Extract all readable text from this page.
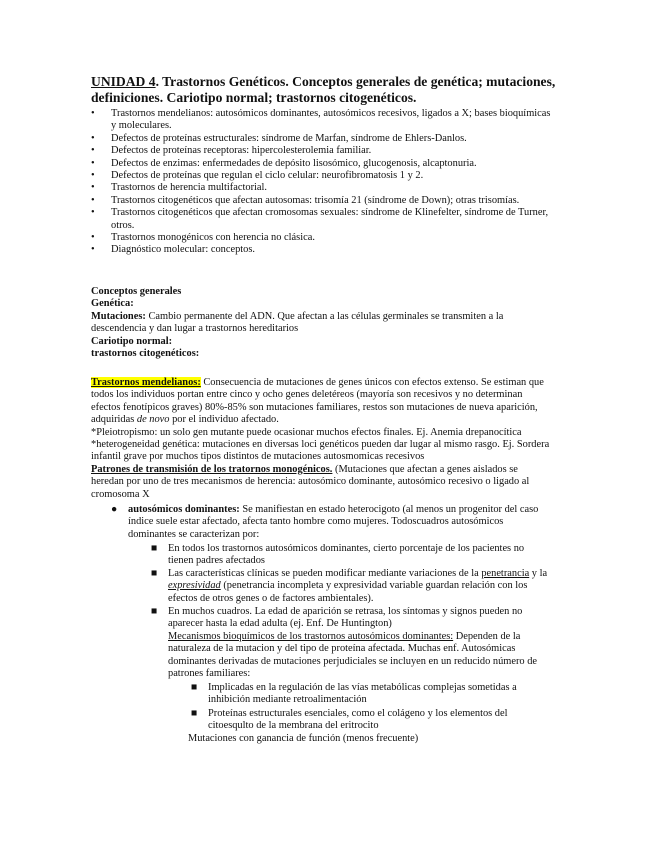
UNIDAD 4. Trastornos Genéticos. Conceptos generales de genética; mutaciones, definiciones. Cariotipo normal; trastornos citogenéticos.
• Trastornos mendelianos: autosómicos dominantes, autosómicos recesivos, ligados a X; bases bioquímicas y moleculares.
• Defectos de proteínas estructurales: síndrome de Marfan, síndrome de Ehlers-Danlos.
• Defectos de proteínas receptoras: hipercolesterolemia familiar.
• Defectos de enzimas: enfermedades de depósito lisosómico, glucogenosis, alcaptonuria.
• Defectos de proteínas que regulan el ciclo celular: neurofibromatosis 1 y 2.
• Trastornos de herencia multifactorial.
• Trastornos citogenéticos que afectan autosomas: trisomía 21 (síndrome de Down); otras trisomías.
• Trastornos citogenéticos que afectan cromosomas sexuales: síndrome de Klinefelter, síndrome de Turner, otros.
• Trastornos monogénicos con herencia no clásica.
• Diagnóstico molecular: conceptos.
Conceptos generales
Genética:
Mutaciones: Cambio permanente del ADN. Que afectan a las células germinales se transmiten a la descendencia y dan lugar a trastornos hereditarios
Cariotipo normal:
trastornos citogenéticos:
Trastornos mendelianos: Consecuencia de mutaciones de genes únicos con efectos extenso. Se estiman que todos los individuos portan entre cinco y ocho genes deletéreos (mayoría son recesivos y no determinan efectos fenotípicos graves) 80%-85% son mutaciones familiares, restos son mutaciones de nueva aparición, adquiridas de novo por el individuo afectado.
*Pleiotropismo: un solo gen mutante puede ocasionar muchos efectos finales. Ej. Anemia drepanocítica
*heterogeneidad genética: mutaciones en diversas loci genéticos pueden dar lugar al mismo rasgo. Ej. Sordera infantil grave por muchos tipos distintos de mutaciones autosmomicas recesivos
Patrones de transmisión de los tratornos monogénicos. (Mutaciones que afectan a genes aislados se heredan por uno de tres mecanismos de herencia: autosómico dominante, autosómico recesivo o ligado al cromosoma X
● autosómicos dominantes: Se manifiestan en estado heterocigoto (al menos un progenitor del caso índice suele estar afectado, afecta tanto hombre como mujeres. Todoscuadros autosómicos dominantes se caracterizan por:
■ En todos los trastornos autosómicos dominantes, cierto porcentaje de los pacientes no tienen padres afectados
■ Las características clínicas se pueden modificar mediante variaciones de la penetrancia y la expresividad (penetrancia incompleta y expresividad variable guardan relación con los efectos de otros genes o de factores ambientales).
■ En muchos cuadros. La edad de aparición se retrasa, los síntomas y signos pueden no aparecer hasta la edad adulta (ej. Enf. De Huntington)
Mecanismos bioquímicos de los trastornos autosómicos dominantes: Dependen de la naturaleza de la mutacion y del tipo de proteína afectada. Muchas enf. Autosómicas dominantes derivadas de mutaciones perjudiciales se incluyen en un reducido número de patrones familiares:
■ Implicadas en la regulación de las vías metabólicas complejas sometidas a inhibición mediante retroalimentación
■ Proteínas estructurales esenciales, como el colágeno y los elementos del citoesqulto de la membrana del eritrocito
Mutaciones con ganancia de función (menos frecuente)
